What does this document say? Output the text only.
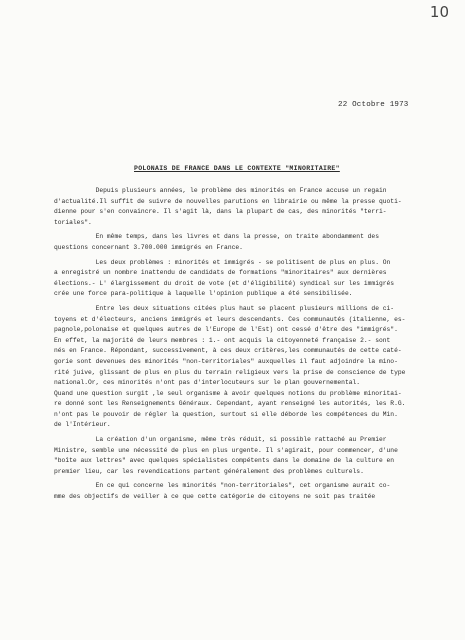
10
22 Octobre 1973
POLONAIS DE FRANCE DANS LE CONTEXTE "MINORITAIRE"
Depuis plusieurs années, le problème des minorités en France accuse un regain
d'actualité.Il suffit de suivre de nouvelles parutions en librairie ou même la presse quoti-
dienne pour s'en convaincre. Il s'agit là, dans la plupart de cas, des minorités "terri-
toriales".
En même temps, dans les livres et dans la presse, on traite abondamment des
questions concernant 3.700.000 immigrés en France.
Les deux problèmes : minorités et immigrés - se politisent de plus en plus. On
a enregistré un nombre inattendu de candidats de formations "minoritaires" aux dernières
élections.- L' élargissement du droit de vote (et d'éligibilité) syndical sur les immigrés
crée une force para-politique à laquelle l'opinion publique a été sensibilisée.
Entre les deux situations citées plus haut se placent plusieurs millions de ci-
toyens et d'électeurs, anciens immigrés et leurs descendants. Ces communautés (italienne, es-
pagnole,polonaise et quelques autres de l'Europe de l'Est) ont cessé d'être des "immigrés".
En effet, la majorité de leurs membres : 1.- ont acquis la citoyenneté française 2.- sont
nés en France. Répondant, successivement, à ces deux critères,les communautés de cette caté-
gorie sont devenues des minorités "non-territoriales" auxquelles il faut adjoindre la mino-
rité juive, glissant de plus en plus du terrain religieux vers la prise de conscience de type
national.Or, ces minorités n'ont pas d'interlocuteurs sur le plan gouvernemental.
Quand une question surgit ,le seul organisme à avoir quelques notions du problème minoritai-
re donné sont les Renseignements Généraux. Cependant, ayant renseigné les autorités, les R.G.
n'ont pas le pouvoir de régler la question, surtout si elle déborde les compétences du Min.
de l'Intérieur.
La création d'un organisme, même très réduit, si possible rattaché au Premier
Ministre, semble une nécessité de plus en plus urgente. Il s'agirait, pour commencer, d'une
"boîte aux lettres" avec quelques spécialistes compétents dans le domaine de la culture en
premier lieu, car les revendications partent généralement des problèmes culturels.
En ce qui concerne les minorités "non-territoriales", cet organisme aurait co-
mme des objectifs de veiller à ce que cette catégorie de citoyens ne soit pas traitée
